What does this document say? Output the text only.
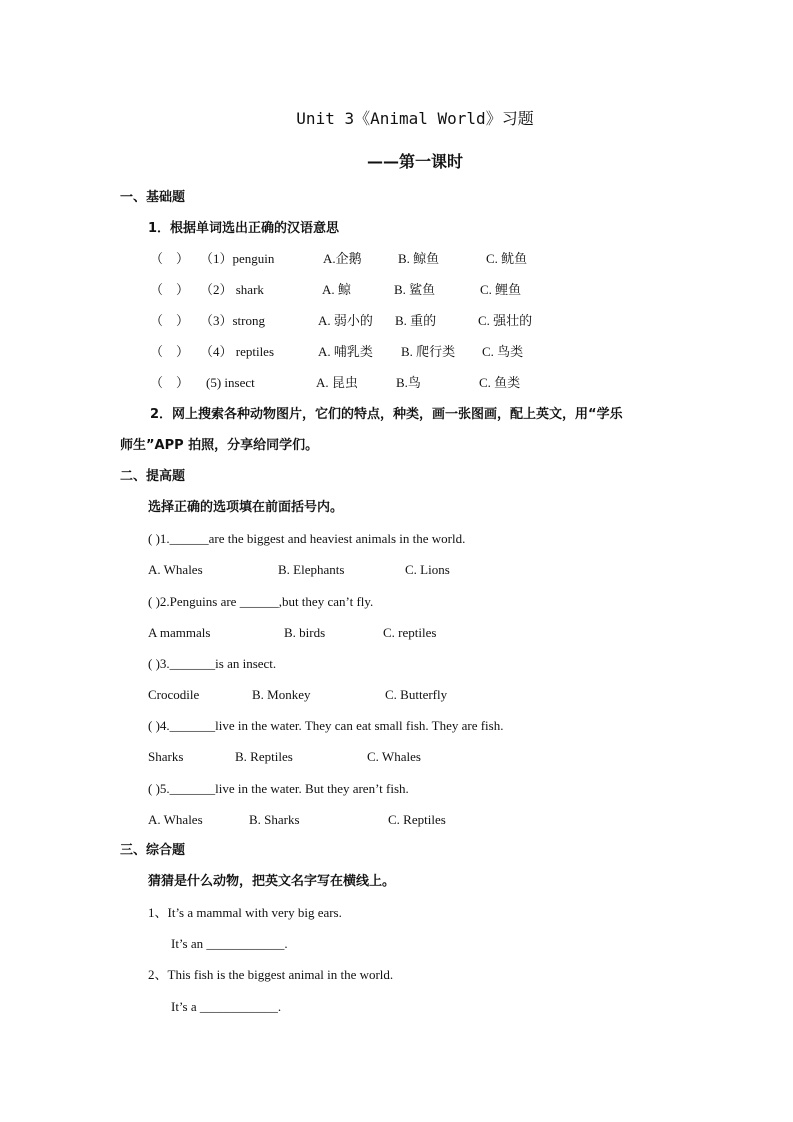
Unit 3《Animal World》习题
——第一课时
一、基础题
1．根据单词选出正确的汉语意思
（　） （1）penguin	A.企鹅	B. 鲸鱼	C. 鱿鱼
（　） （2） shark	A. 鲸	B. 鲨鱼	C. 鲤鱼
（　） （3）strong	A. 弱小的 B. 重的	C. 强壮的
（　） （4） reptiles	A. 哺乳类 B. 爬行类 C. 鸟类
（　） (5) insect	A. 昆虫	B.鸟	C. 鱼类
2．网上搜索各种动物图片，它们的特点，种类，画一张图画，配上英文，用“学乐
师生”APP 拍照，分享给同学们。
二、提高题
选择正确的选项填在前面括号内。
( )1.______are the biggest and heaviest animals in the world.
A. Whales	B. Elephants	C. Lions
( )2.Penguins are ______,but they can’t fly.
A mammals	B. birds	C. reptiles
( )3._______is an insect.
Crocodile	B. Monkey	C. Butterfly
( )4._______live in the water. They can eat small fish. They are fish.
Sharks	B. Reptiles	C. Whales
( )5._______live in the water. But they aren’t fish.
A. Whales	B. Sharks	C. Reptiles
三、综合题
猜猜是什么动物，把英文名字写在横线上。
1、It’s a mammal with very big ears.
It’s an ____________.
2、This fish is the biggest animal in the world.
It’s a ____________.
